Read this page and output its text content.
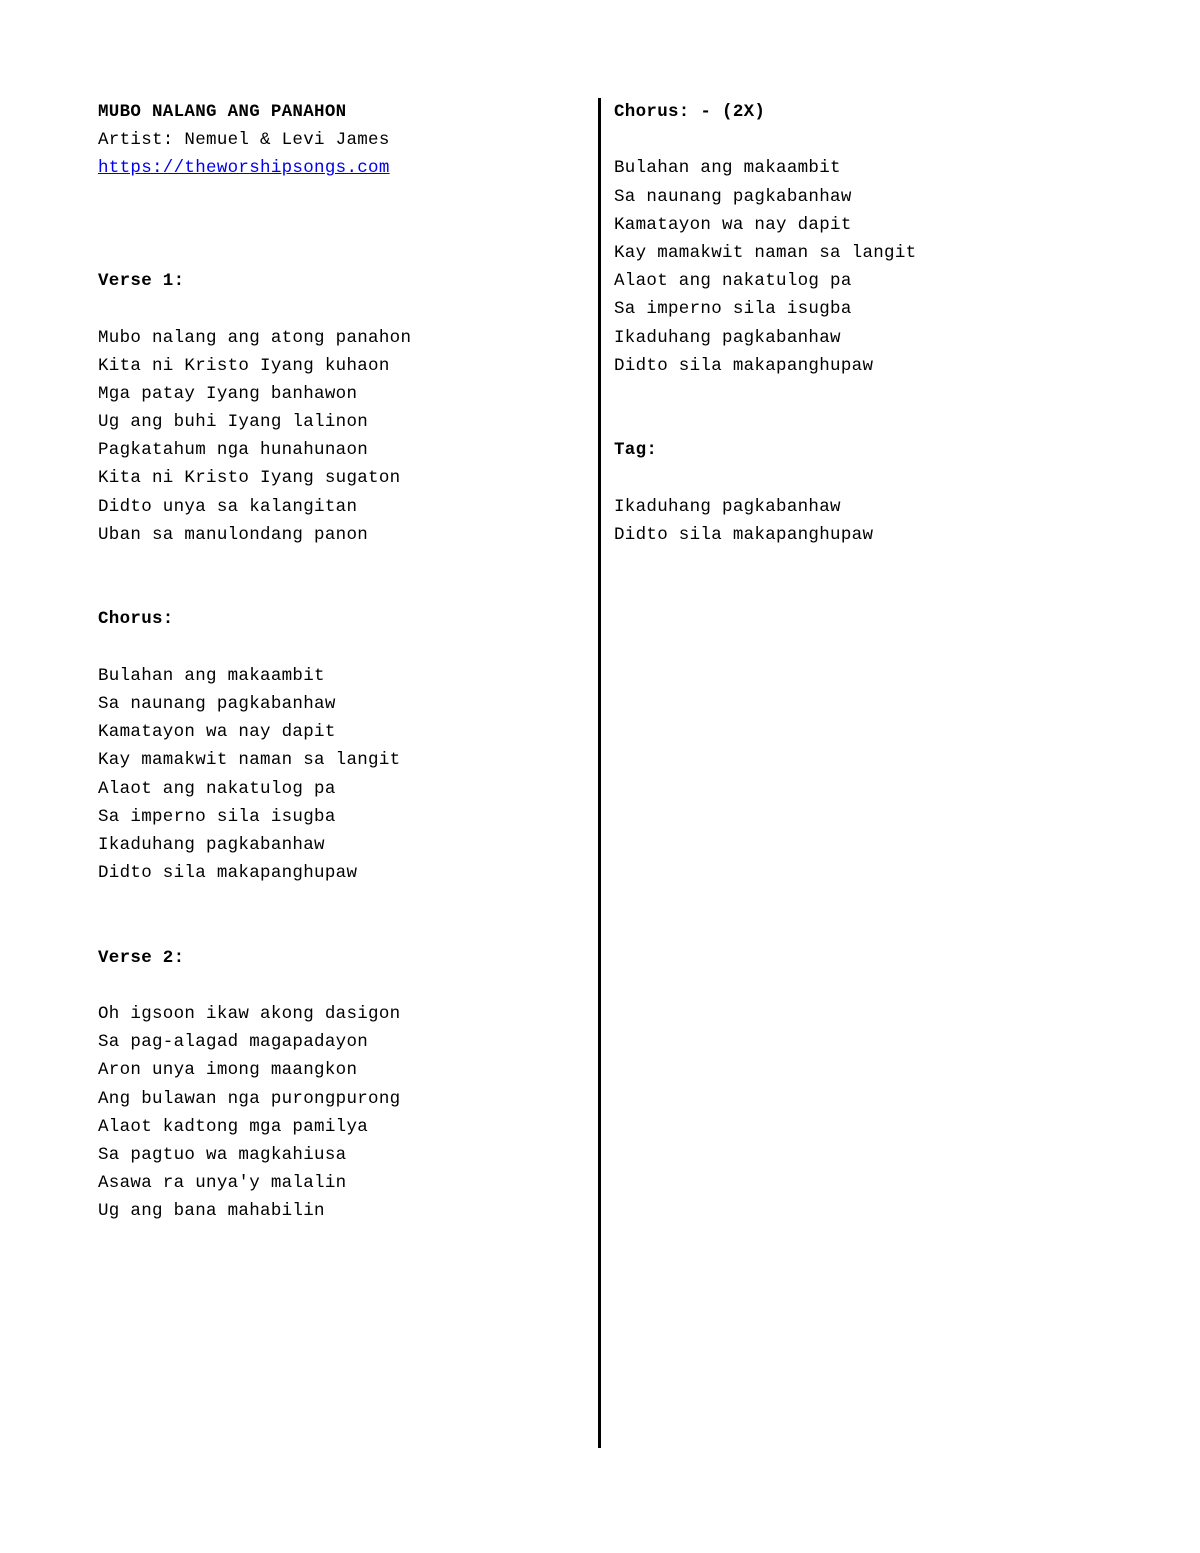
MUBO NALANG ANG PANAHON
Artist: Nemuel & Levi James
https://theworshipsongs.com
Verse 1:
Mubo nalang ang atong panahon
Kita ni Kristo Iyang kuhaon
Mga patay Iyang banhawon
Ug ang buhi Iyang lalinon
Pagkatahum nga hunahunaon
Kita ni Kristo Iyang sugaton
Didto unya sa kalangitan
Uban sa manulondang panon
Chorus:
Bulahan ang makaambit
Sa naunang pagkabanhaw
Kamatayon wa nay dapit
Kay mamakwit naman sa langit
Alaot ang nakatulog pa
Sa imperno sila isugba
Ikaduhang pagkabanhaw
Didto sila makapanghupaw
Verse 2:
Oh igsoon ikaw akong dasigon
Sa pag-alagad magapadayon
Aron unya imong maangkon
Ang bulawan nga purongpurong
Alaot kadtong mga pamilya
Sa pagtuo wa magkahiusa
Asawa ra unya'y malalin
Ug ang bana mahabilin
Chorus: - (2X)
Bulahan ang makaambit
Sa naunang pagkabanhaw
Kamatayon wa nay dapit
Kay mamakwit naman sa langit
Alaot ang nakatulog pa
Sa imperno sila isugba
Ikaduhang pagkabanhaw
Didto sila makapanghupaw
Tag:
Ikaduhang pagkabanhaw
Didto sila makapanghupaw
